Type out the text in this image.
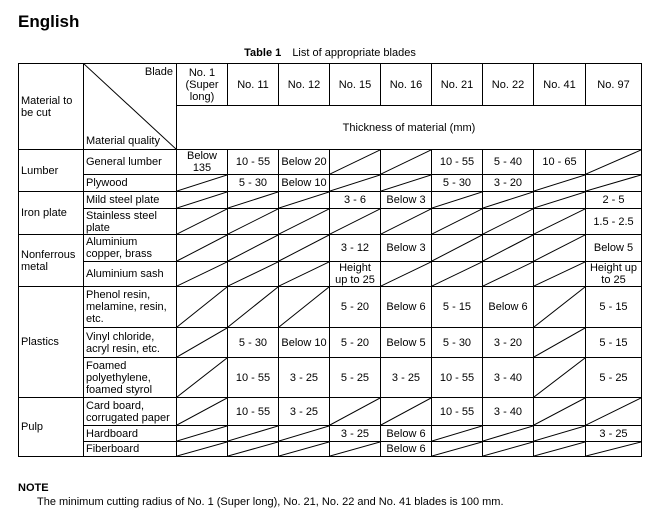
English
Table 1 List of appropriate blades
Material to be cut	Blade
Material quality	No. 1 (Super long)	No. 11	No. 12	No. 15	No. 16	No. 21	No. 22	No. 41	No. 97
		Thickness of material (mm)								
Lumber	General lumber	Below 135	10 - 55	Below 20			10 - 55	5 - 40	10 - 65	

	Plywood		5 - 30	Below 10			5 - 30	3 - 20	

Iron plate	Mild steel plate				3 - 6	Below 3				2 - 5
	Stainless steel plate									1.5 - 2.5
Nonferrous metal	Aluminium copper, brass				3 - 12	Below 3				Below 5
	Aluminium sash				Height up to 25					Height up to 25
Plastics	Phenol resin, melamine, resin, etc.				5 - 20	Below 6	5 - 15	Below 6		5 - 15
	Vinyl chloride, acryl resin, etc.		5 - 30	Below 10	5 - 20	Below 5	5 - 30	3 - 20		5 - 15
	Foamed polyethylene, foamed styrol		10 - 55	3 - 25	5 - 25	3 - 25	10 - 55	3 - 40		5 - 25
Pulp	Card board, corrugated paper		10 - 55	3 - 25			10 - 55	3 - 40	

	Hardboard				3 - 25	Below 6				3 - 25
	Fiberboard					Below 6	

NOTE
The minimum cutting radius of No. 1 (Super long), No. 21, No. 22 and No. 41 blades is 100 mm.
